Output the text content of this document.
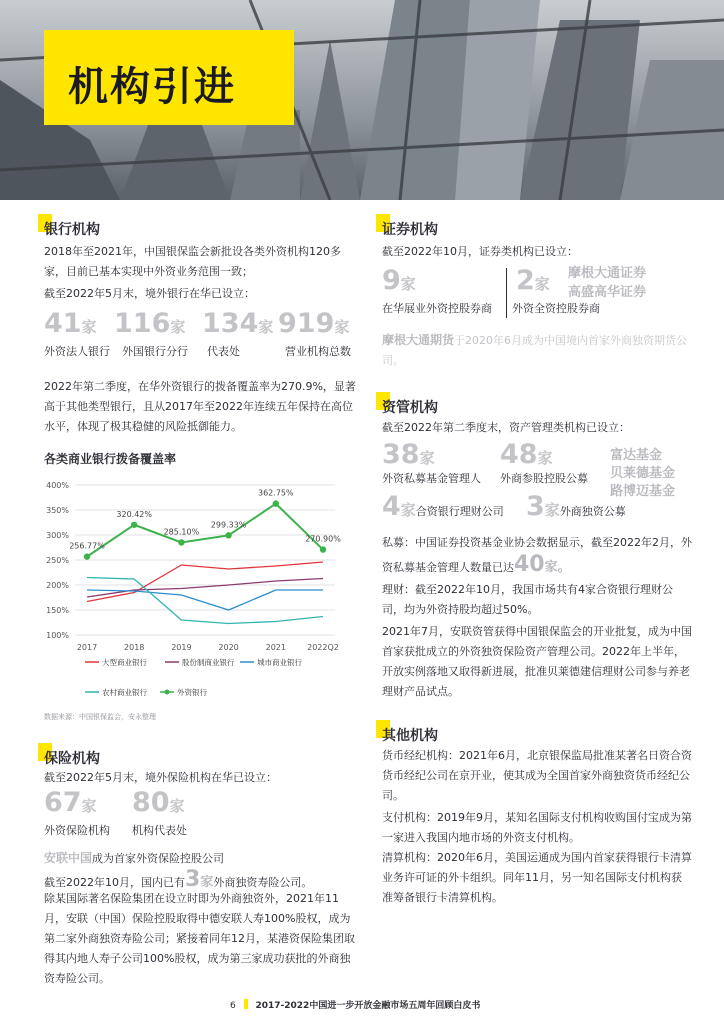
机构引进
银行机构
2018年至2021年，中国银保监会新批设各类外资机构120多家，目前已基本实现中外资业务范围一致；
截至2022年5月末，境外银行在华已设立：
41家 116家 134家 919家
外资法人银行 外国银行分行 代表处	营业机构总数
2022年第二季度，在华外资银行的拨备覆盖率为270.9%，显著高于其他类型银行，且从2017年至2022年连续五年保持在高位水平，体现了极其稳健的风险抵御能力。
各类商业银行拨备覆盖率
100%
150%
200%
250%
300%
350%
400%
2017	2018	2019	2020	2021	2022Q2
256.77%
320.42%
285.10%
299.33%
362.75%
270.90%
大型商业银行	股份制商业银行	城市商业银行
农村商业银行	外资银行
数据来源：中国银保监会，安永整理
保险机构
截至2022年5月末，境外保险机构在华已设立：
67家 80家
外资保险机构 机构代表处
安联中国成为首家外资保险控股公司
截至2022年10月，国内已有3家外商独资寿险公司。
除某国际著名保险集团在设立时即为外商独资外，2021年11月，安联（中国）保险控股取得中德安联人寿100%股权，成为第二家外商独资寿险公司；紧接着同年12月，某港资保险集团取得其内地人寿子公司100%股权，成为第三家成功获批的外商独资寿险公司。
证券机构
截至2022年10月，证券类机构已设立：
9家
在华展业外资控股券商
2家
外资全资控股券商
摩根大通证券
高盛高华证券
摩根大通期货于2020年6月成为中国境内首家外商独资期货公司。
资管机构
截至2022年第二季度末，资产管理类机构已设立：
38家
外资私募基金管理人
48家
外商参股控股公募
富达基金
贝莱德基金
路博迈基金
4家合资银行理财公司 3家外商独资公募
私募：中国证券投资基金业协会数据显示，截至2022年2月，外资私募基金管理人数量已达40家。
理财：截至2022年10月，我国市场共有4家合资银行理财公司，均为外资持股均超过50%。
2021年7月，安联资管获得中国银保监会的开业批复，成为中国首家获批成立的外资独资保险资产管理公司。2022年上半年，开放实例落地又取得新进展，批准贝莱德建信理财公司参与养老理财产品试点。
其他机构
货币经纪机构：2021年6月，北京银保监局批准某著名日资合资货币经纪公司在京开业，使其成为全国首家外商独资货币经纪公司。
支付机构：2019年9月，某知名国际支付机构收购国付宝成为第一家进入我国内地市场的外资支付机构。
清算机构：2020年6月，美国运通成为国内首家获得银行卡清算业务许可证的外卡组织。同年11月，另一知名国际支付机构获准筹备银行卡清算机构。
6 2017-2022中国进一步开放金融市场五周年回顾白皮书
